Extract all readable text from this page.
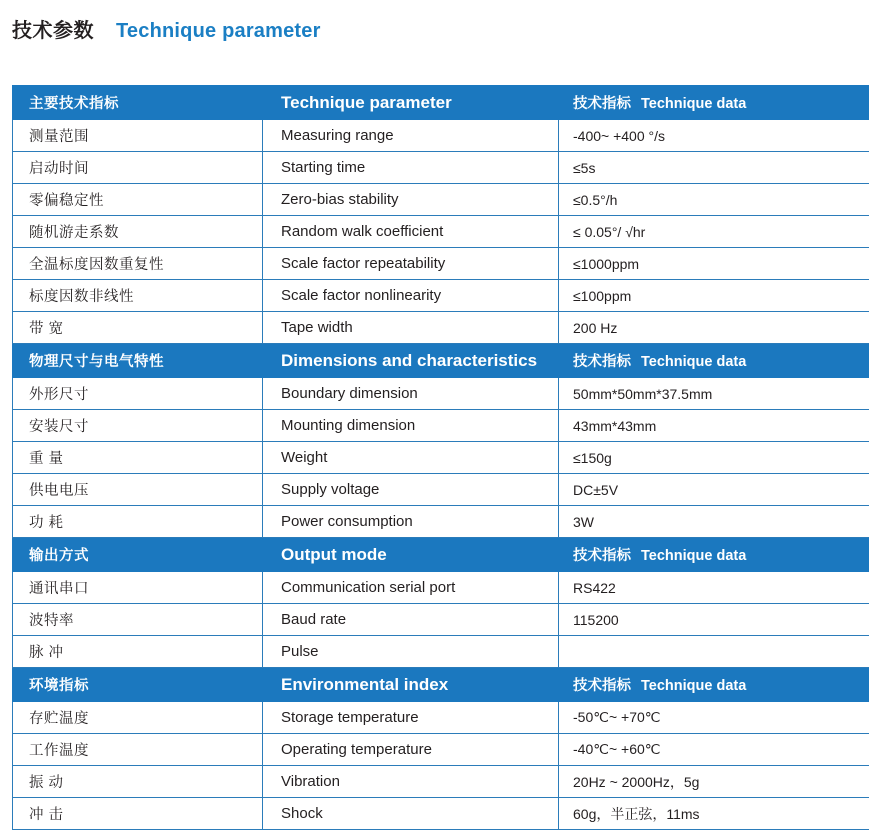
技术参数 Technique parameter
主要技术指标	Technique parameter	技术指标 Technique data
测量范围	Measuring range	-400~ +400 °/s
启动时间	Starting time	≤5s
零偏稳定性	Zero-bias stability	≤0.5°/h
随机游走系数	Random walk coefficient	≤ 0.05°/ √hr
全温标度因数重复性	Scale factor repeatability	≤1000ppm
标度因数非线性	Scale factor nonlinearity	≤100ppm
带 宽	Tape width	200 Hz
物理尺寸与电气特性	Dimensions and characteristics	技术指标 Technique data
外形尺寸	Boundary dimension	50mm*50mm*37.5mm
安装尺寸	Mounting dimension	43mm*43mm
重 量	Weight	≤150g
供电电压	Supply voltage	DC±5V
功 耗	Power consumption	3W
输出方式	Output mode	技术指标 Technique data
通讯串口	Communication serial port	RS422
波特率	Baud rate	115200
脉 冲	Pulse	
环境指标	Environmental index	技术指标 Technique data
存贮温度	Storage temperature	-50℃~ +70℃
工作温度	Operating temperature	-40℃~ +60℃
振 动	Vibration	20Hz ~ 2000Hz，5g
冲 击	Shock	60g，半正弦，11ms
